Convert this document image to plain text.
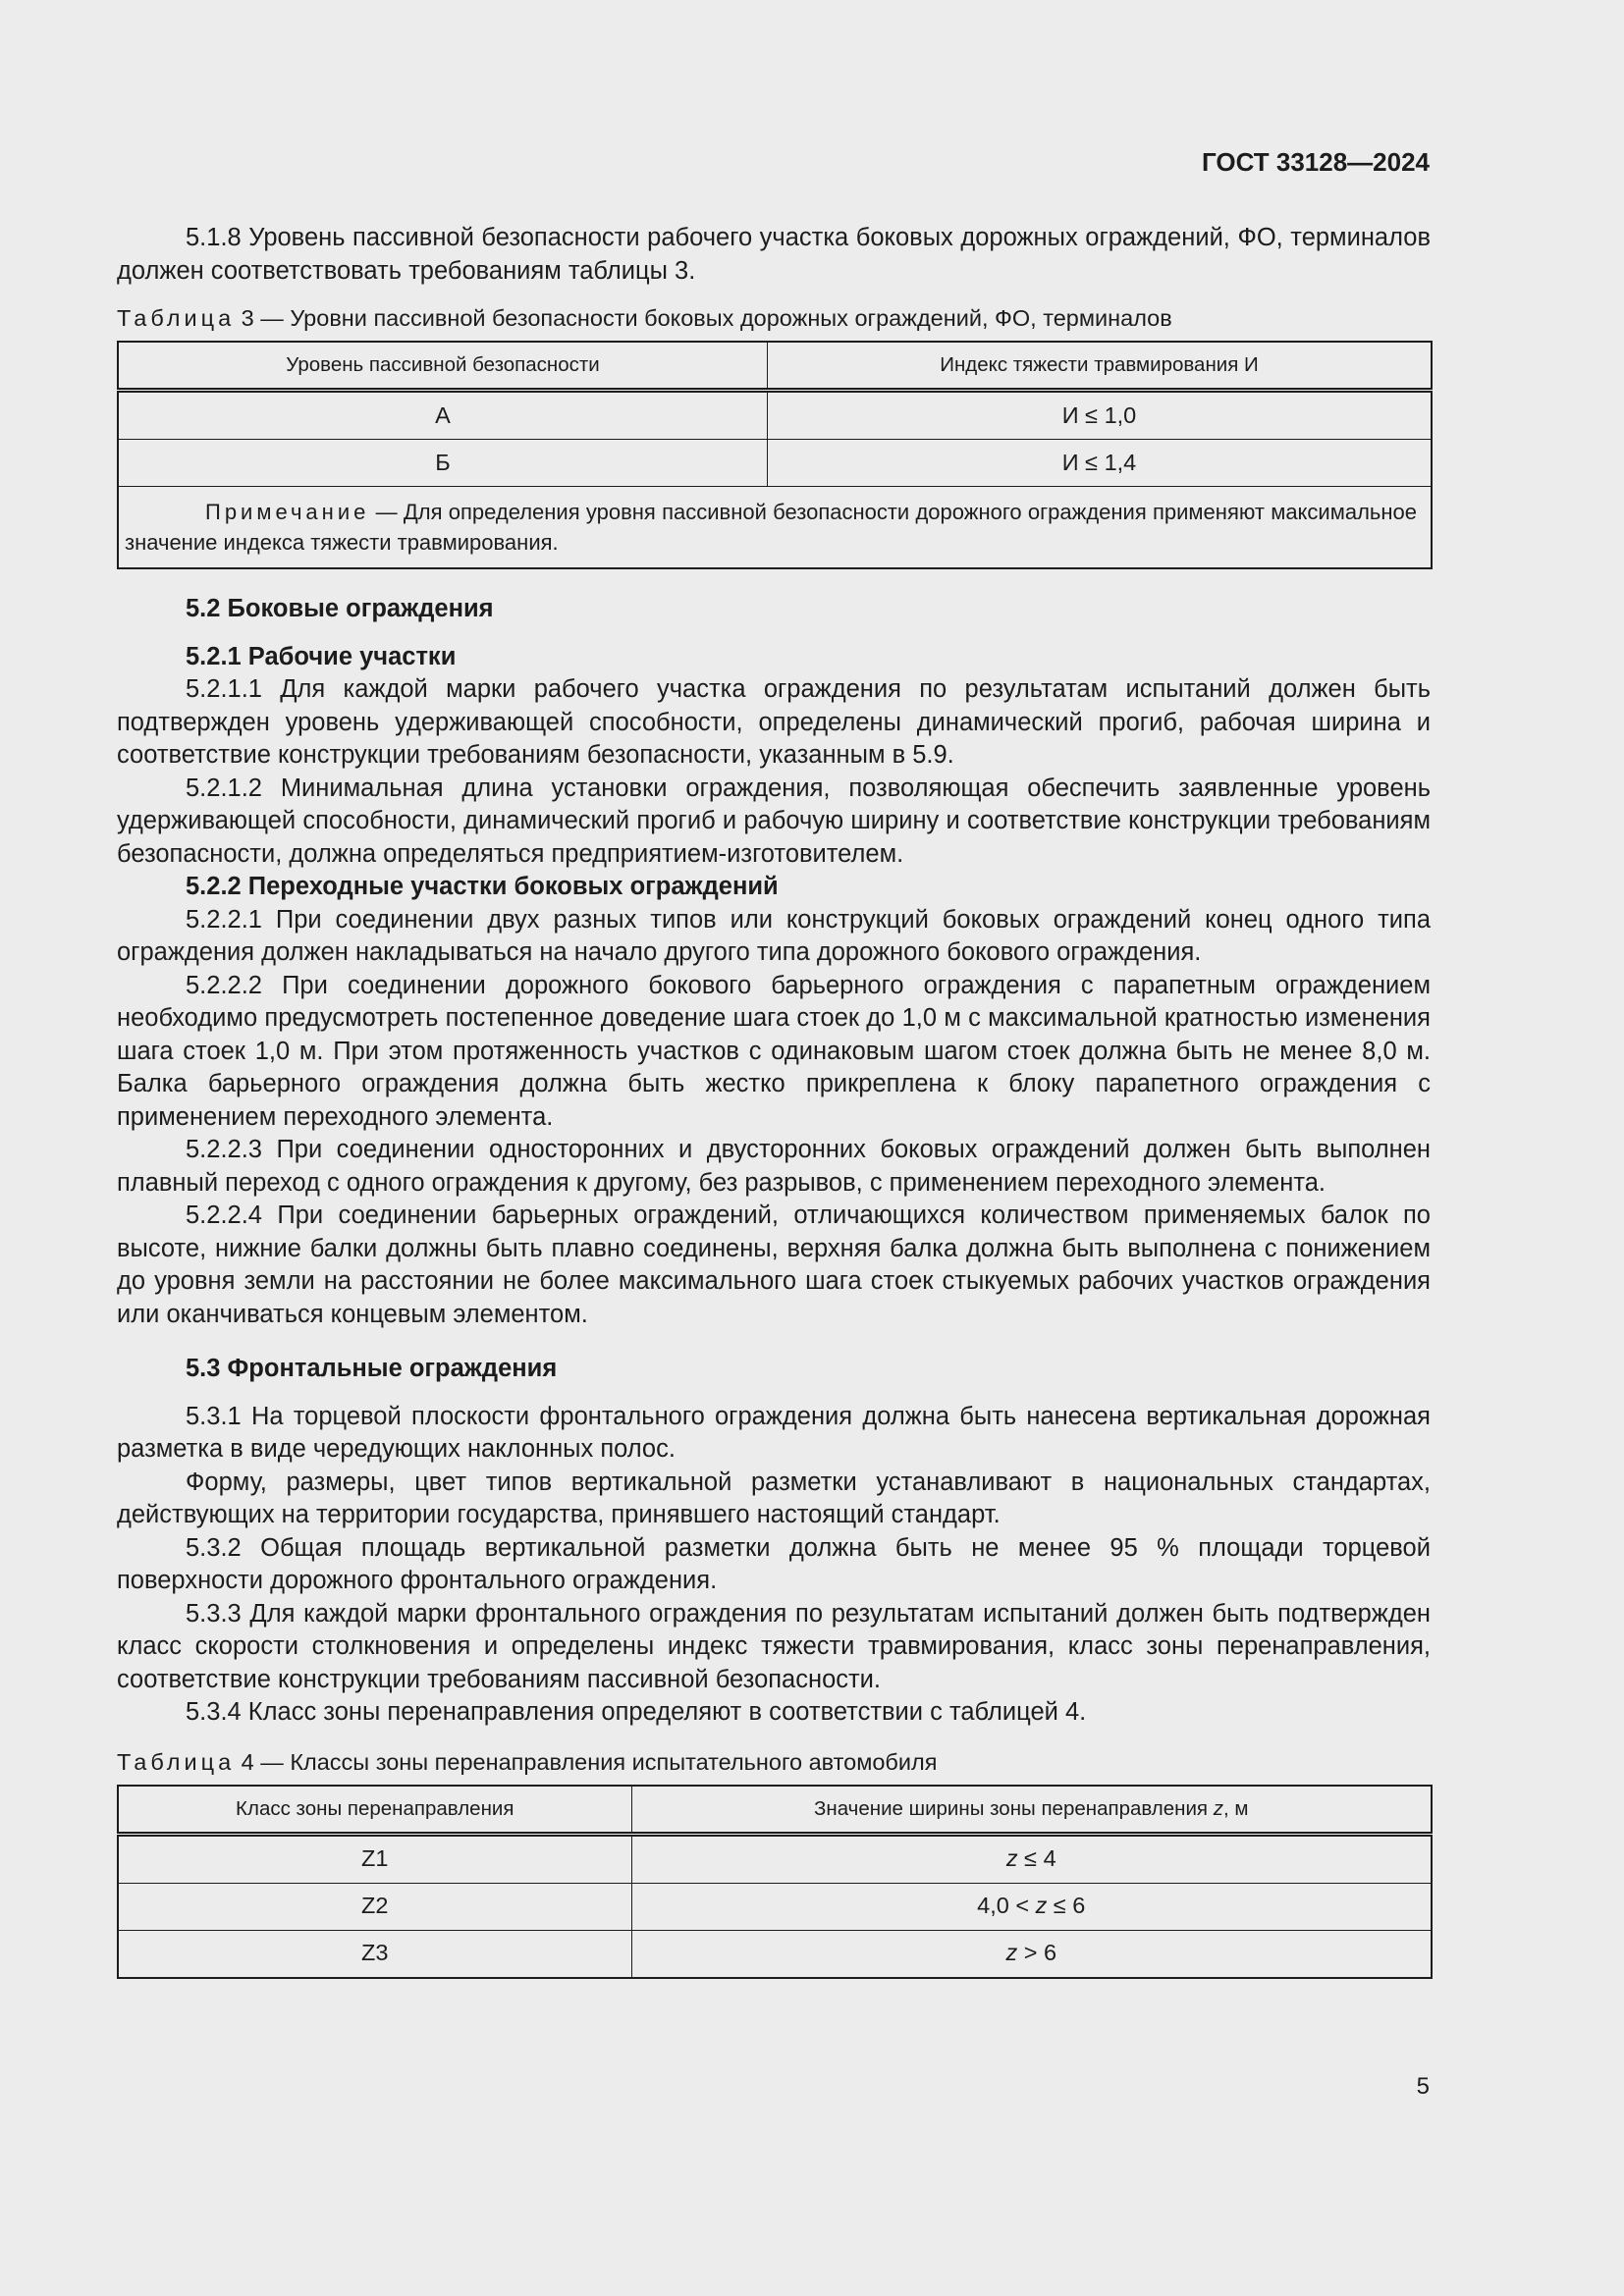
ГОСТ 33128—2024

5.1.8 Уровень пассивной безопасности рабочего участка боковых дорожных ограждений, ФО, терминалов должен соответствовать требованиям таблицы 3.

Таблица 3 — Уровни пассивной безопасности боковых дорожных ограждений, ФО, терминалов
Уровень пассивной безопасности	Индекс тяжести травмирования И
А	И ≤ 1,0
Б	И ≤ 1,4

Примечание — Для определения уровня пассивной безопасности дорожного ограждения применяют максимальное значение индекса тяжести травмирования.	

5.2 Боковые ограждения

5.2.1 Рабочие участки

5.2.1.1 Для каждой марки рабочего участка ограждения по результатам испытаний должен быть подтвержден уровень удерживающей способности, определены динамический прогиб, рабочая ширина и соответствие конструкции требованиям безопасности, указанным в 5.9.

5.2.1.2 Минимальная длина установки ограждения, позволяющая обеспечить заявленные уровень удерживающей способности, динамический прогиб и рабочую ширину и соответствие конструкции требованиям безопасности, должна определяться предприятием-изготовителем.

5.2.2 Переходные участки боковых ограждений

5.2.2.1 При соединении двух разных типов или конструкций боковых ограждений конец одного типа ограждения должен накладываться на начало другого типа дорожного бокового ограждения.

5.2.2.2 При соединении дорожного бокового барьерного ограждения с парапетным ограждением необходимо предусмотреть постепенное доведение шага стоек до 1,0 м с максимальной кратностью изменения шага стоек 1,0 м. При этом протяженность участков с одинаковым шагом стоек должна быть не менее 8,0 м. Балка барьерного ограждения должна быть жестко прикреплена к блоку парапетного ограждения с применением переходного элемента.

5.2.2.3 При соединении односторонних и двусторонних боковых ограждений должен быть выполнен плавный переход с одного ограждения к другому, без разрывов, с применением переходного элемента.

5.2.2.4 При соединении барьерных ограждений, отличающихся количеством применяемых балок по высоте, нижние балки должны быть плавно соединены, верхняя балка должна быть выполнена с понижением до уровня земли на расстоянии не более максимального шага стоек стыкуемых рабочих участков ограждения или оканчиваться концевым элементом.

5.3 Фронтальные ограждения

5.3.1 На торцевой плоскости фронтального ограждения должна быть нанесена вертикальная дорожная разметка в виде чередующих наклонных полос.

Форму, размеры, цвет типов вертикальной разметки устанавливают в национальных стандартах, действующих на территории государства, принявшего настоящий стандарт.

5.3.2 Общая площадь вертикальной разметки должна быть не менее 95 % площади торцевой поверхности дорожного фронтального ограждения.

5.3.3 Для каждой марки фронтального ограждения по результатам испытаний должен быть подтвержден класс скорости столкновения и определены индекс тяжести травмирования, класс зоны перенаправления, соответствие конструкции требованиям пассивной безопасности.

5.3.4 Класс зоны перенаправления определяют в соответствии с таблицей 4.

Таблица 4 — Классы зоны перенаправления испытательного автомобиля
Класс зоны перенаправления	Значение ширины зоны перенаправления z, м
Z1	z ≤ 4
Z2	4,0 < z ≤ 6
Z3	z > 6
5
